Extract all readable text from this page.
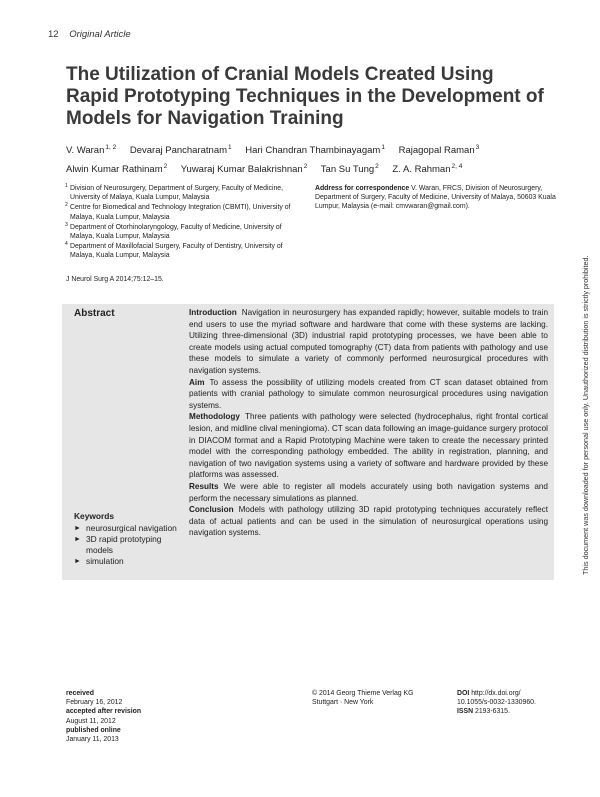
12 Original Article
The Utilization of Cranial Models Created Using Rapid Prototyping Techniques in the Development of Models for Navigation Training
V. Waran$^{1, 2}$ Devaraj Pancharatnam$^1$ Hari Chandran Thambinayagam$^1$ Rajagopal Raman$^3$
Alwin Kumar Rathinam$^2$ Yuwaraj Kumar Balakrishnan$^2$ Tan Su Tung$^2$ Z. A. Rahman$^{2, 4}$
1 Division of Neurosurgery, Department of Surgery, Faculty of Medicine, University of Malaya, Kuala Lumpur, Malaysia
2 Centre for Biomedical and Technology Integration (CBMTI), University of Malaya, Kuala Lumpur, Malaysia
3 Department of Otorhinolaryngology, Faculty of Medicine, University of Malaya, Kuala Lumpur, Malaysia
4 Department of Maxillofacial Surgery, Faculty of Dentistry, University of Malaya, Kuala Lumpur, Malaysia
Address for correspondence V. Waran, FRCS, Division of Neurosurgery, Department of Surgery, Faculty of Medicine, University of Malaya, 50603 Kuala Lumpur, Malaysia (e-mail: cmvwaran@gmail.com).
J Neurol Surg A 2014;75:12–15.
Abstract	Introduction Navigation in neurosurgery has expanded rapidly; however, suitable models to train end users to use the myriad software and hardware that come with these systems are lacking. Utilizing three-dimensional (3D) industrial rapid prototyping processes, we have been able to create models using actual computed tomography (CT) data from patients with pathology and use these models to simulate a variety of commonly performed neurosurgical procedures with navigation systems.

Aim To assess the possibility of utilizing models created from CT scan dataset obtained from patients with cranial pathology to simulate common neurosurgical procedures using navigation systems.

Methodology Three patients with pathology were selected (hydrocephalus, right frontal cortical lesion, and midline clival meningioma). CT scan data following an image-guidance surgery protocol in DIACOM format and a Rapid Prototyping Machine were taken to create the necessary printed model with the corresponding pathology embedded. The ability in registration, planning, and navigation of two navigation systems using a variety of software and hardware provided by these platforms was assessed.

Results We were able to register all models accurately using both navigation systems and perform the necessary simulations as planned.

Conclusion Models with pathology utilizing 3D rapid prototyping techniques accurately reflect data of actual patients and can be used in the simulation of neurosurgical operations using navigation systems.

Keywords
► neurosurgical navigation
► 3D rapid prototyping models
► simulation
received
February 16, 2012
accepted after revision
August 11, 2012
published online
January 11, 2013
© 2014 Georg Thieme Verlag KG
Stuttgart · New York
DOI http://dx.doi.org/
10.1055/s-0032-1330960.
ISSN 2193-6315.
This document was downloaded for personal use only. Unauthorized distribution is strictly prohibited.
